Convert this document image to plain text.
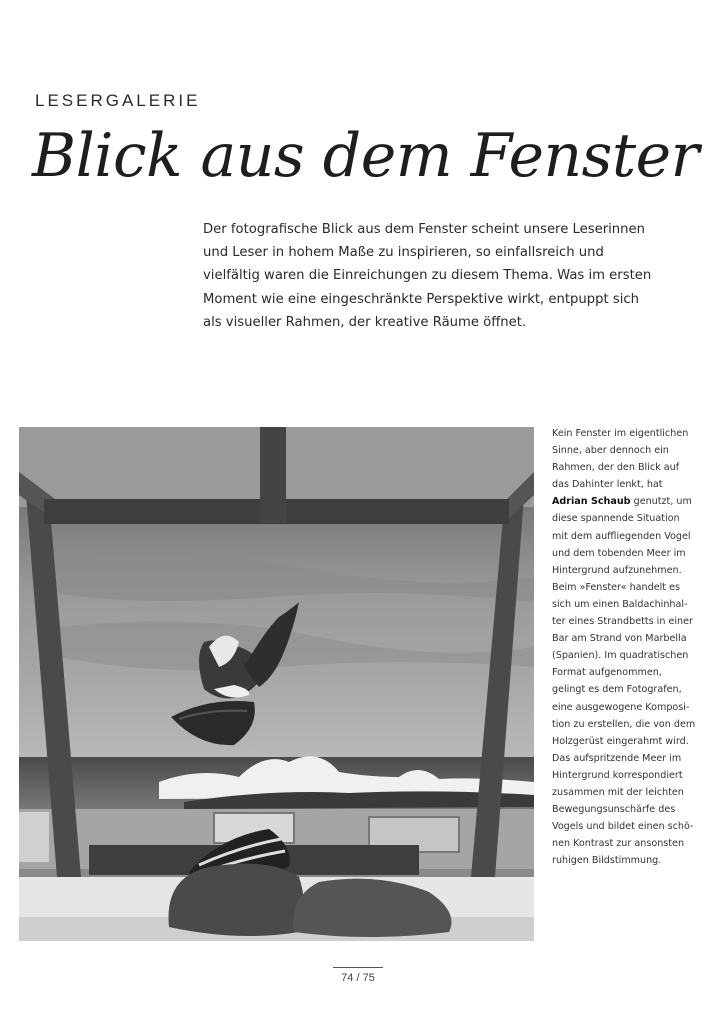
LESERGALERIE
Blick aus dem Fenster
Der fotografische Blick aus dem Fenster scheint unsere Leserinnen
und Leser in hohem Maße zu inspirieren, so einfallsreich und
vielfältig waren die Einreichungen zu diesem Thema. Was im ersten
Moment wie eine eingeschränkte Perspektive wirkt, entpuppt sich
als visueller Rahmen, der kreative Räume öffnet.
Kein Fenster im eigentlichen
Sinne, aber dennoch ein
Rahmen, der den Blick auf
das Dahinter lenkt, hat
Adrian Schaub genutzt, um
diese spannende Situation
mit dem auffliegenden Vogel
und dem tobenden Meer im
Hintergrund aufzunehmen.
Beim »Fenster« handelt es
sich um einen Baldachinhal-
ter eines Strandbetts in einer
Bar am Strand von Marbella
(Spanien). Im quadratischen
Format aufgenommen,
gelingt es dem Fotografen,
eine ausgewogene Komposi-
tion zu erstellen, die von dem
Holzgerüst eingerahmt wird.
Das aufspritzende Meer im
Hintergrund korrespondiert
zusammen mit der leichten
Bewegungsunschärfe des
Vogels und bildet einen schö-
nen Kontrast zur ansonsten
ruhigen Bildstimmung.
74 / 75
